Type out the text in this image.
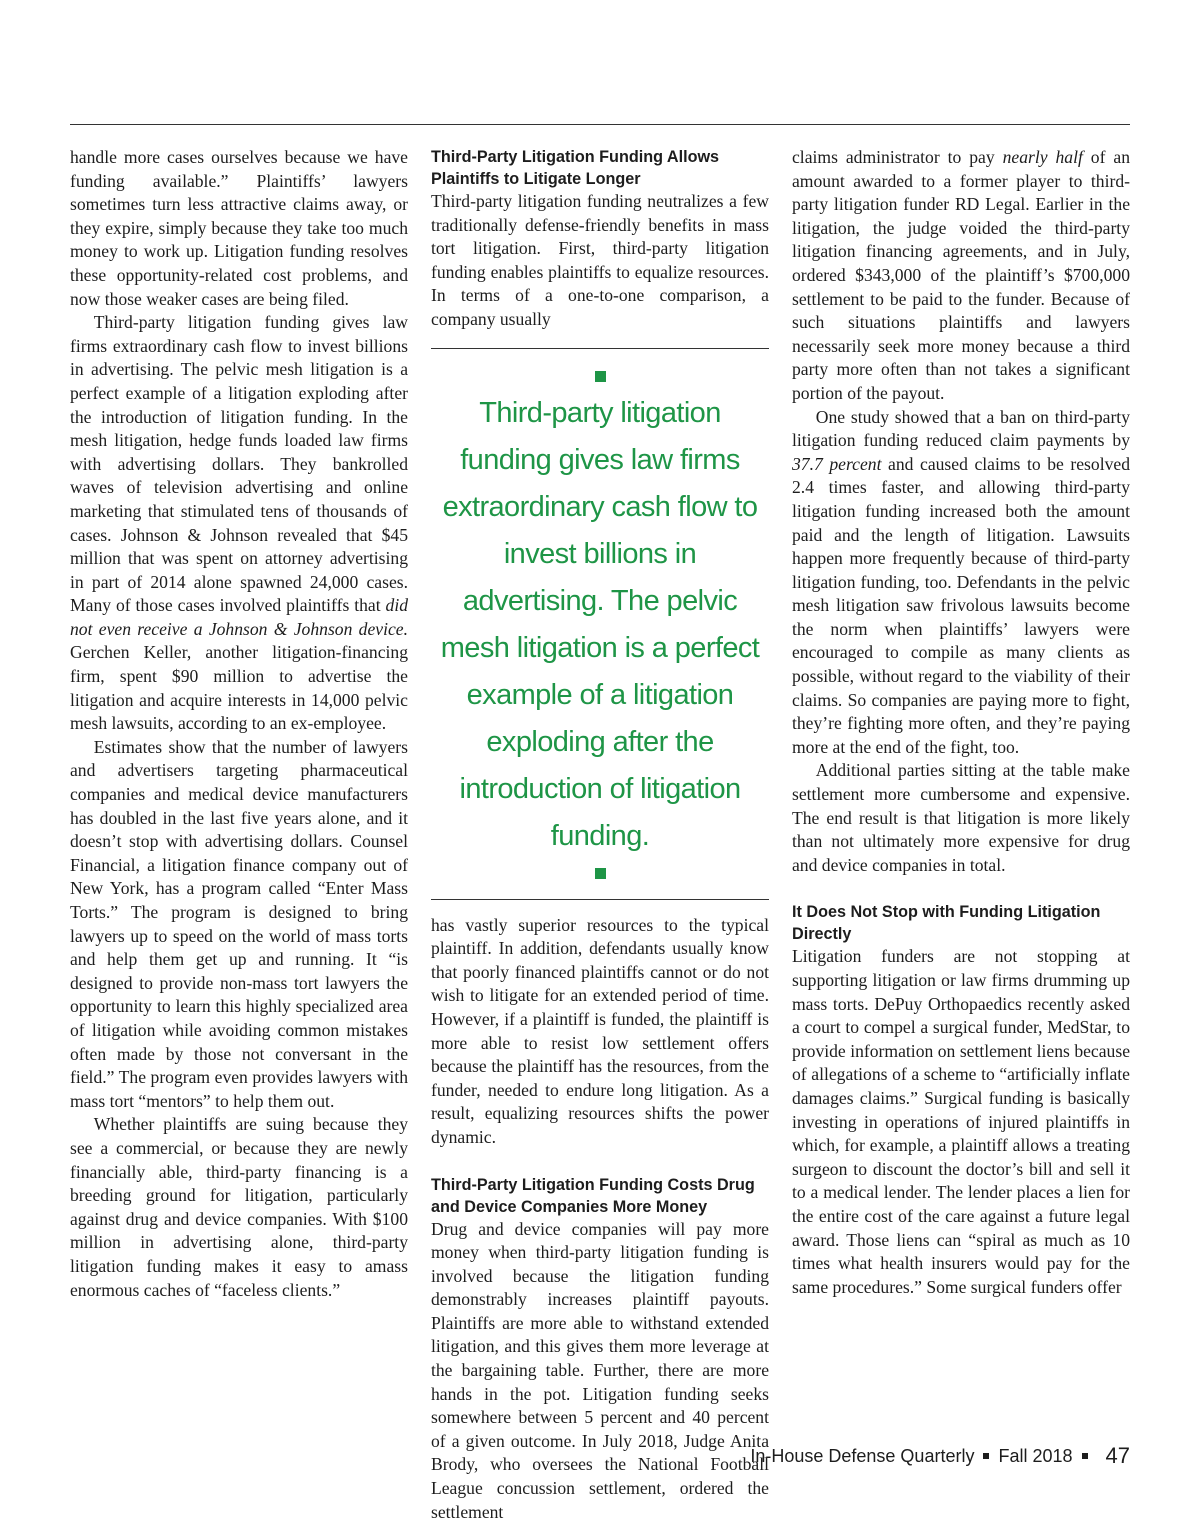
handle more cases ourselves because we have funding available.” Plaintiffs’ lawyers sometimes turn less attractive claims away, or they expire, simply because they take too much money to work up. Litigation funding resolves these opportunity-related cost problems, and now those weaker cases are being filed.

Third-party litigation funding gives law firms extraordinary cash flow to invest billions in advertising. The pelvic mesh litigation is a perfect example of a litigation exploding after the introduction of litigation funding. In the mesh litigation, hedge funds loaded law firms with advertising dollars. They bankrolled waves of television advertising and online marketing that stimulated tens of thousands of cases. Johnson & Johnson revealed that $45 million that was spent on attorney advertising in part of 2014 alone spawned 24,000 cases. Many of those cases involved plaintiffs that did not even receive a Johnson & Johnson device. Gerchen Keller, another litigation-financing firm, spent $90 million to advertise the litigation and acquire interests in 14,000 pelvic mesh lawsuits, according to an ex-employee.

Estimates show that the number of lawyers and advertisers targeting pharmaceutical companies and medical device manufacturers has doubled in the last five years alone, and it doesn’t stop with advertising dollars. Counsel Financial, a litigation finance company out of New York, has a program called “Enter Mass Torts.” The program is designed to bring lawyers up to speed on the world of mass torts and help them get up and running. It “is designed to provide non-mass tort lawyers the opportunity to learn this highly specialized area of litigation while avoiding common mistakes often made by those not conversant in the field.” The program even provides lawyers with mass tort “mentors” to help them out.

Whether plaintiffs are suing because they see a commercial, or because they are newly financially able, third-party financing is a breeding ground for litigation, particularly against drug and device companies. With $100 million in advertising alone, third-party litigation funding makes it easy to amass enormous caches of “faceless clients.”

Third-Party Litigation Funding Allows Plaintiffs to Litigate Longer

Third-party litigation funding neutralizes a few traditionally defense-friendly benefits in mass tort litigation. First, third-party litigation funding enables plaintiffs to equalize resources. In terms of a one-to-one comparison, a company usually

Third-party litigation funding gives law firms extraordinary cash flow to invest billions in advertising. The pelvic mesh litigation is a perfect example of a litigation exploding after the introduction of litigation funding.

has vastly superior resources to the typical plaintiff. In addition, defendants usually know that poorly financed plaintiffs cannot or do not wish to litigate for an extended period of time. However, if a plaintiff is funded, the plaintiff is more able to resist low settlement offers because the plaintiff has the resources, from the funder, needed to endure long litigation. As a result, equalizing resources shifts the power dynamic.

Third-Party Litigation Funding Costs Drug and Device Companies More Money

Drug and device companies will pay more money when third-party litigation funding is involved because the litigation funding demonstrably increases plaintiff payouts. Plaintiffs are more able to withstand extended litigation, and this gives them more leverage at the bargaining table. Further, there are more hands in the pot. Litigation funding seeks somewhere between 5 percent and 40 percent of a given outcome. In July 2018, Judge Anita Brody, who oversees the National Football League concussion settlement, ordered the settlement

claims administrator to pay nearly half of an amount awarded to a former player to third-party litigation funder RD Legal. Earlier in the litigation, the judge voided the third-party litigation financing agreements, and in July, ordered $343,000 of the plaintiff’s $700,000 settlement to be paid to the funder. Because of such situations plaintiffs and lawyers necessarily seek more money because a third party more often than not takes a significant portion of the payout.

One study showed that a ban on third-party litigation funding reduced claim payments by 37.7 percent and caused claims to be resolved 2.4 times faster, and allowing third-party litigation funding increased both the amount paid and the length of litigation. Lawsuits happen more frequently because of third-party litigation funding, too. Defendants in the pelvic mesh litigation saw frivolous lawsuits become the norm when plaintiffs’ lawyers were encouraged to compile as many clients as possible, without regard to the viability of their claims. So companies are paying more to fight, they’re fighting more often, and they’re paying more at the end of the fight, too.

Additional parties sitting at the table make settlement more cumbersome and expensive. The end result is that litigation is more likely than not ultimately more expensive for drug and device companies in total.

It Does Not Stop with Funding Litigation Directly

Litigation funders are not stopping at supporting litigation or law firms drumming up mass torts. DePuy Orthopaedics recently asked a court to compel a surgical funder, MedStar, to provide information on settlement liens because of allegations of a scheme to “artificially inflate damages claims.” Surgical funding is basically investing in operations of injured plaintiffs in which, for example, a plaintiff allows a treating surgeon to discount the doctor’s bill and sell it to a medical lender. The lender places a lien for the entire cost of the care against a future legal award. Those liens can “spiral as much as 10 times what health insurers would pay for the same procedures.” Some surgical funders offer

In-House Defense Quarterly Fall 2018 47
